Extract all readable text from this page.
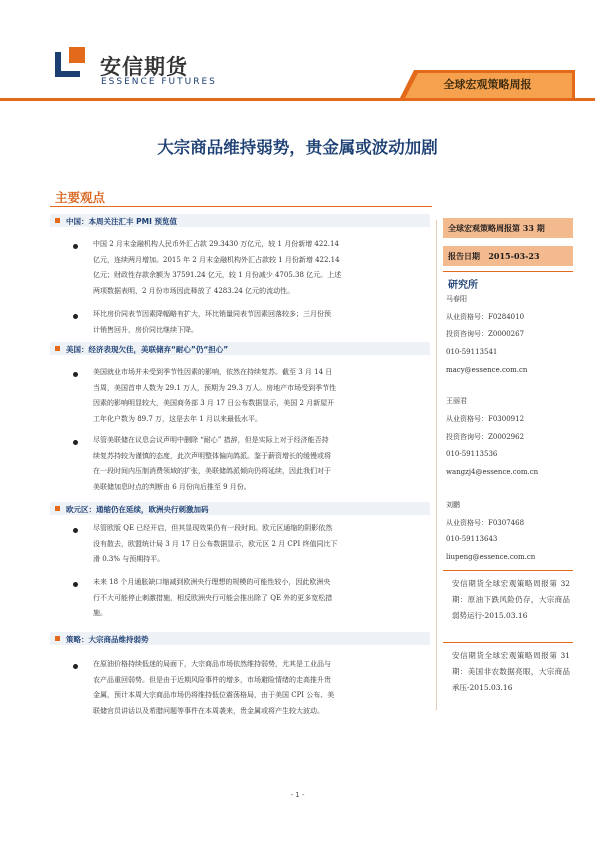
安信期货
ESSENCE FUTURES	全球宏观策略周报
大宗商品维持弱势，贵金属或波动加剧
主要观点
中国：本周关注汇丰 PMI 预览值
中国 2 月末金融机构人民币外汇占款 29.3430 万亿元，较 1 月份新增 422.14
亿元，连续两月增加。2015 年 2 月末金融机构外汇占款较 1 月份新增 422.14
亿元；财政性存款余额为 37591.24 亿元，较 1 月份减少 4705.38 亿元。上述
两项数据表明，2 月份市场因此释放了 4283.24 亿元的流动性。
环比房价同表节因素降幅略有扩大，环比销量同表节因素回落较多；三月份预
计销售回升，房价同比继续下降。
美国：经济表现欠佳，美联储弃“耐心”仍“担心”
美国就业市场并未受到季节性因素的影响，依然在持续复苏。截至 3 月 14 日
当周，美国首申人数为 29.1 万人，预期为 29.3 万人。房地产市场受到季节性
因素的影响明显较大，美国商务部 3 月 17 日公布数据显示，美国 2 月新屋开
工年化户数为 89.7 万，这是去年 1 月以来最低水平。
尽管美联储在议息会议声明中删除 “耐心” 措辞，但是实际上对于经济能否持
续复苏持较为谨慎的态度，此次声明整体偏向鸽派。鉴于薪资增长的缓慢或将
在一段时间内压制消费领域的扩张，美联储鸽派倾向仍将延续，因此我们对于
美联储加息时点的判断由 6 月份向后推至 9 月份。
欧元区：通缩仍在延续，欧洲央行刺激加码
尽管欧版 QE 已经开启，但其显现效果仍有一段时间。欧元区通缩的阴影依然
没有散去，欧盟统计局 3 月 17 日公布数据显示，欧元区 2 月 CPI 终值同比下
滑 0.3% 与预期持平。
未来 18 个月通胀缺口缩减到欧洲央行理想的规模的可能性较小，因此欧洲央
行不大可能停止刺激措施，相反欧洲央行可能会推出除了 QE 外的更多宽松措
施。
策略：大宗商品维持弱势
在原油价格持续低迷的局面下，大宗商品市场依然维持弱势，尤其是工业品与
农产品重回弱势。但是由于近期风险事件的增多，市场避险情绪的走高推升贵
金属，预计本周大宗商品市场仍将维持低位震荡格局，由于美国 CPI 公布、美
联储官员讲话以及希腊问题等事件在本周袭来，贵金属或将产生较大波动。
全球宏观策略周报第 33 期
报告日期 2015-03-23
研究所
马春阳
从业资格号：F0284010
投资咨询号：Z0000267
010-59113541
macy@essence.com.cn
王丽君
从业资格号：F0300912
投资咨询号：Z0002962
010-59113536
wangzj4@essence.com.cn
刘鹏
从业资格号：F0307468
010-59113643
liupeng@essence.com.cn
安信期货全球宏观策略周报第 32 期：原油下跌风险仍存，大宗商品弱势运行-2015.03.16
安信期货全球宏观策略周报第 31 期：美国非农数据亮眼，大宗商品承压-2015.03.16
- 1 -
